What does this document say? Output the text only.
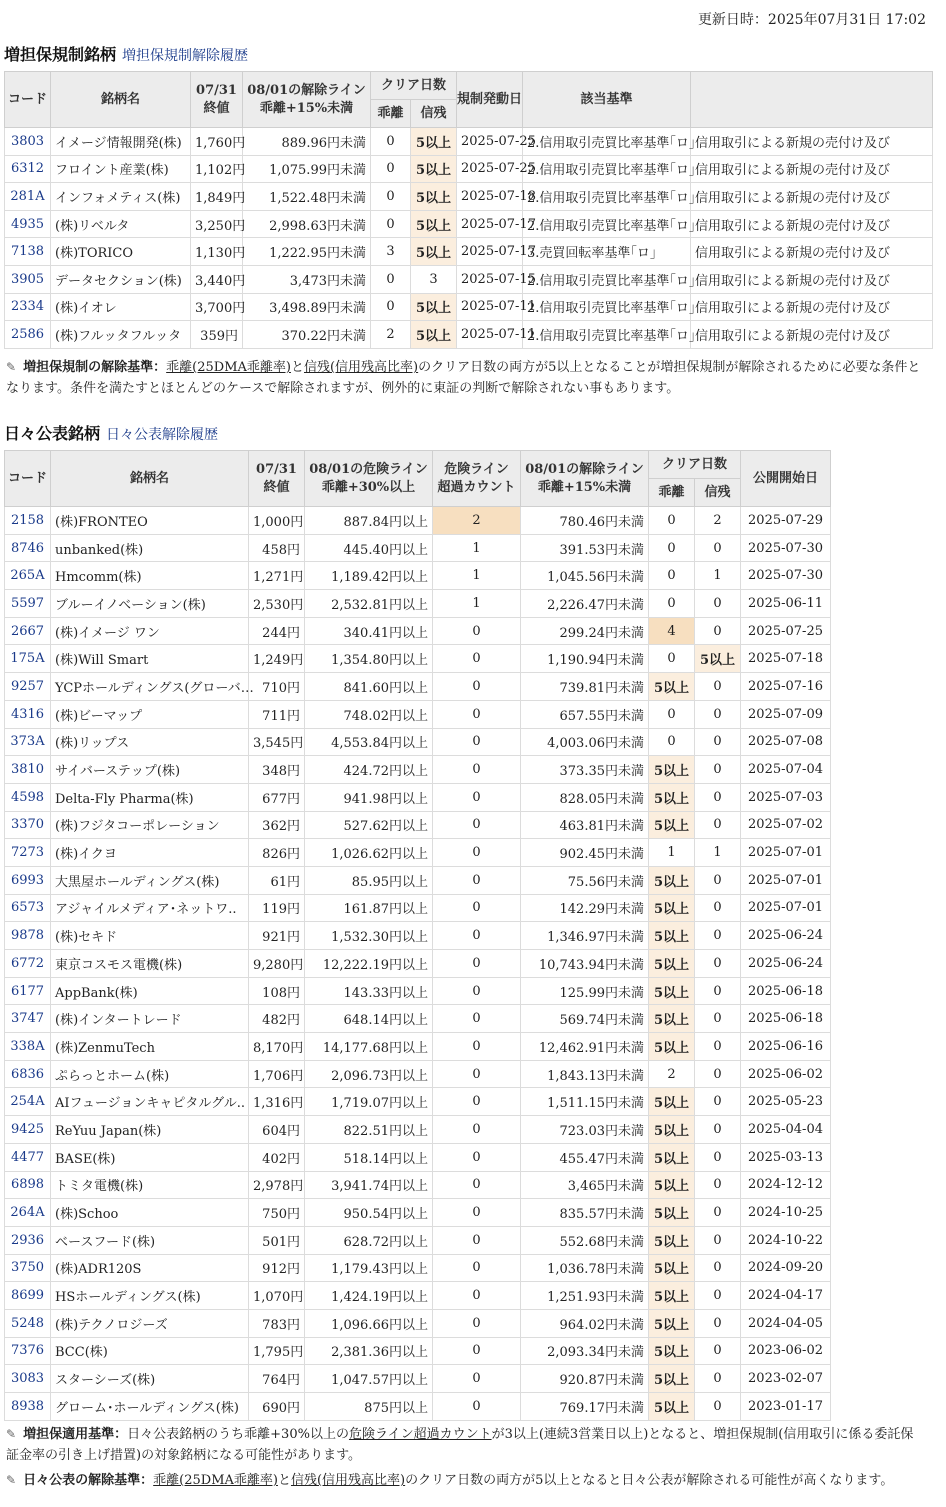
更新日時：2025年07月31日 17:02
増担保規制銘柄 増担保規制解除履歴
コード	銘柄名	07/31
終値	08/01の解除ライン
乖離+15%未満	クリア日数		規制発動日	該当基準	
				乖離	信残			
3803	イメージ情報開発(株)	1,760円	889.96円未満	0	5以上	2025-07-25	2.信用取引売買比率基準｢ロ｣	信用取引による新規の売付け及び
6312	フロイント産業(株)	1,102円	1,075.99円未満	0	5以上	2025-07-25	2.信用取引売買比率基準｢ロ｣	信用取引による新規の売付け及び
281A	インフォメティス(株)	1,849円	1,522.48円未満	0	5以上	2025-07-18	2.信用取引売買比率基準｢ロ｣	信用取引による新規の売付け及び
4935	(株)リベルタ	3,250円	2,998.63円未満	0	5以上	2025-07-17	2.信用取引売買比率基準｢ロ｣	信用取引による新規の売付け及び
7138	(株)TORICO	1,130円	1,222.95円未満	3	5以上	2025-07-17	3.売買回転率基準｢ロ｣	信用取引による新規の売付け及び
3905	データセクション(株)	3,440円	3,473円未満	0	3	2025-07-15	2.信用取引売買比率基準｢ロ｣	信用取引による新規の売付け及び
2334	(株)イオレ	3,700円	3,498.89円未満	0	5以上	2025-07-11	2.信用取引売買比率基準｢ロ｣	信用取引による新規の売付け及び
2586	(株)フルッタフルッタ	359円	370.22円未満	2	5以上	2025-07-11	2.信用取引売買比率基準｢ロ｣	信用取引による新規の売付け及び
✎ 増担保規制の解除基準：乖離(25DMA乖離率)と信残(信用残高比率)のクリア日数の両方が5以上となることが増担保規制が解除されるために必要な条件となります。条件を満たすとほとんどのケースで解除されますが、例外的に東証の判断で解除されない事もあります。
日々公表銘柄 日々公表解除履歴
コード	銘柄名	07/31
終値	08/01の危険ライン
乖離+30%以上	危険ライン
超過カウント	08/01の解除ライン
乖離+15%未満	クリア日数		公開開始日
						乖離	信残	
2158	(株)FRONTEO	1,000円	887.84円以上	2	780.46円未満	0	2	2025-07-29
8746	unbanked(株)	458円	445.40円以上	1	391.53円未満	0	0	2025-07-30
265A	Hmcomm(株)	1,271円	1,189.42円以上	1	1,045.56円未満	0	1	2025-07-30
5597	ブルーイノベーション(株)	2,530円	2,532.81円以上	1	2,226.47円未満	0	0	2025-06-11
2667	(株)イメージ ワン	244円	340.41円以上	0	299.24円未満	4	0	2025-07-25
175A	(株)Will Smart	1,249円	1,354.80円以上	0	1,190.94円未満	0	5以上	2025-07-18
9257	YCPホールディングス(グローバ…	710円	841.60円以上	0	739.81円未満	5以上	0	2025-07-16
4316	(株)ビーマップ	711円	748.02円以上	0	657.55円未満	0	0	2025-07-09
373A	(株)リップス	3,545円	4,553.84円以上	0	4,003.06円未満	0	0	2025-07-08
3810	サイバーステップ(株)	348円	424.72円以上	0	373.35円未満	5以上	0	2025-07-04
4598	Delta-Fly Pharma(株)	677円	941.98円以上	0	828.05円未満	5以上	0	2025-07-03
3370	(株)フジタコーポレーション	362円	527.62円以上	0	463.81円未満	5以上	0	2025-07-02
7273	(株)イクヨ	826円	1,026.62円以上	0	902.45円未満	1	1	2025-07-01
6993	大黒屋ホールディングス(株)	61円	85.95円以上	0	75.56円未満	5以上	0	2025-07-01
6573	アジャイルメディア･ネットワ..	119円	161.87円以上	0	142.29円未満	5以上	0	2025-07-01
9878	(株)セキド	921円	1,532.30円以上	0	1,346.97円未満	5以上	0	2025-06-24
6772	東京コスモス電機(株)	9,280円	12,222.19円以上	0	10,743.94円未満	5以上	0	2025-06-24
6177	AppBank(株)	108円	143.33円以上	0	125.99円未満	5以上	0	2025-06-18
3747	(株)インタートレード	482円	648.14円以上	0	569.74円未満	5以上	0	2025-06-18
338A	(株)ZenmuTech	8,170円	14,177.68円以上	0	12,462.91円未満	5以上	0	2025-06-16
6836	ぷらっとホーム(株)	1,706円	2,096.73円以上	0	1,843.13円未満	2	0	2025-06-02
254A	AIフュージョンキャピタルグル..	1,316円	1,719.07円以上	0	1,511.15円未満	5以上	0	2025-05-23
9425	ReYuu Japan(株)	604円	822.51円以上	0	723.03円未満	5以上	0	2025-04-04
4477	BASE(株)	402円	518.14円以上	0	455.47円未満	5以上	0	2025-03-13
6898	トミタ電機(株)	2,978円	3,941.74円以上	0	3,465円未満	5以上	0	2024-12-12
264A	(株)Schoo	750円	950.54円以上	0	835.57円未満	5以上	0	2024-10-25
2936	ベースフード(株)	501円	628.72円以上	0	552.68円未満	5以上	0	2024-10-22
3750	(株)ADR120S	912円	1,179.43円以上	0	1,036.78円未満	5以上	0	2024-09-20
8699	HSホールディングス(株)	1,070円	1,424.19円以上	0	1,251.93円未満	5以上	0	2024-04-17
5248	(株)テクノロジーズ	783円	1,096.66円以上	0	964.02円未満	5以上	0	2024-04-05
7376	BCC(株)	1,795円	2,381.36円以上	0	2,093.34円未満	5以上	0	2023-06-02
3083	スターシーズ(株)	764円	1,047.57円以上	0	920.87円未満	5以上	0	2023-02-07
8938	グローム･ホールディングス(株)	690円	875円以上	0	769.17円未満	5以上	0	2023-01-17
✎ 増担保適用基準：日々公表銘柄のうち乖離+30%以上の危険ライン超過カウントが3以上(連続3営業日以上)となると、増担保規制(信用取引に係る委託保証金率の引き上げ措置)の対象銘柄になる可能性があります。
✎ 日々公表の解除基準：乖離(25DMA乖離率)と信残(信用残高比率)のクリア日数の両方が5以上となると日々公表が解除される可能性が高くなります。
